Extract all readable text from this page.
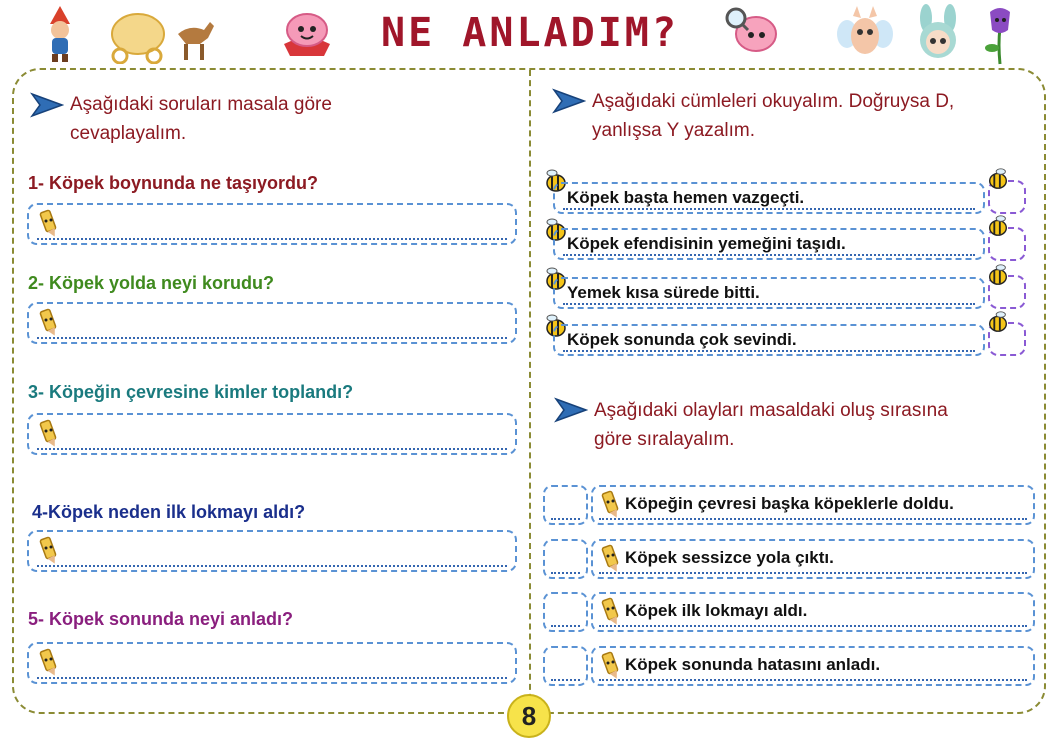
NE ANLADIM?
Aşağıdaki soruları masala göre
cevaplayalım.
1- Köpek boynunda ne taşıyordu?
2- Köpek yolda neyi korudu?
3- Köpeğin çevresine kimler toplandı?
4-Köpek neden ilk lokmayı aldı?
5- Köpek sonunda neyi anladı?
Aşağıdaki cümleleri okuyalım. Doğruysa D,
yanlışsa Y yazalım.
Köpek başta hemen vazgeçti.
Köpek efendisinin yemeğini taşıdı.
Yemek kısa sürede bitti.
Köpek sonunda çok sevindi.
Aşağıdaki olayları masaldaki oluş sırasına
göre sıralayalım.
Köpeğin çevresi başka köpeklerle doldu.
Köpek sessizce yola çıktı.
Köpek ilk lokmayı aldı.
Köpek sonunda hatasını anladı.
8
